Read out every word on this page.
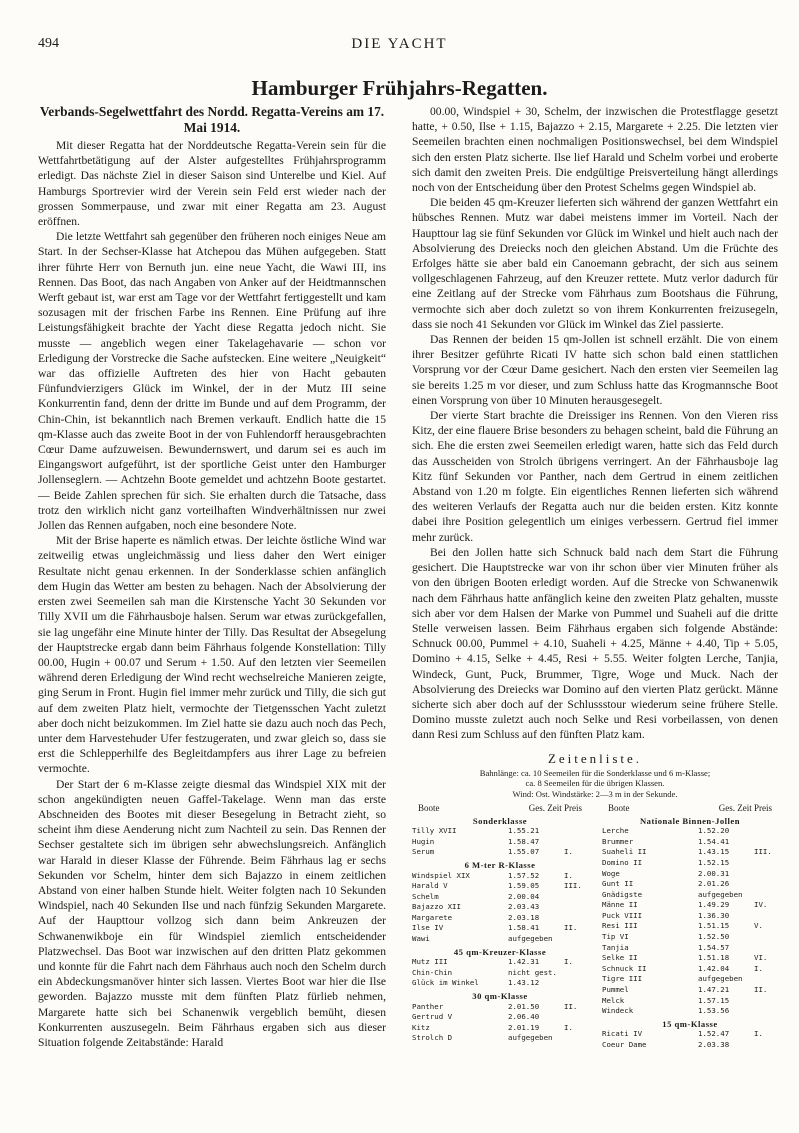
494	DIE YACHT
Hamburger Frühjahrs-Regatten.
Verbands-Segelwettfahrt des Nordd. Regatta-Vereins am 17. Mai 1914.

Mit dieser Regatta hat der Norddeutsche Regatta-Verein sein für die Wettfahrtbetätigung auf der Alster aufgestelltes Frühjahrsprogramm erledigt. Das nächste Ziel in dieser Saison sind Unterelbe und Kiel. Auf Hamburgs Sportrevier wird der Verein sein Feld erst wieder nach der grossen Sommerpause, und zwar mit einer Regatta am 23. August eröffnen.

Die letzte Wettfahrt sah gegenüber den früheren noch einiges Neue am Start. In der Sechser-Klasse hat Atchepou das Mühen aufgegeben. Statt ihrer führte Herr von Bernuth jun. eine neue Yacht, die Wawi III, ins Rennen. Das Boot, das nach Angaben von Anker auf der Heidtmannschen Werft gebaut ist, war erst am Tage vor der Wettfahrt fertiggestellt und kam sozusagen mit der frischen Farbe ins Rennen. Eine Prüfung auf ihre Leistungsfähigkeit brachte der Yacht diese Regatta jedoch nicht. Sie musste — angeblich wegen einer Takelagehavarie — schon vor Erledigung der Vorstrecke die Sache aufstecken. Eine weitere „Neuigkeit“ war das offizielle Auftreten des hier von Hacht gebauten Fünfundvierzigers Glück im Winkel, der in der Mutz III seine Konkurrentin fand, denn der dritte im Bunde und auf dem Programm, der Chin-Chin, ist bekanntlich nach Bremen verkauft. Endlich hatte die 15 qm-Klasse auch das zweite Boot in der von Fuhlendorff herausgebrachten Cœur Dame aufzuweisen. Bewundernswert, und darum sei es auch im Eingangswort aufgeführt, ist der sportliche Geist unter den Hamburger Jollenseglern. — Achtzehn Boote gemeldet und achtzehn Boote gestartet. — Beide Zahlen sprechen für sich. Sie erhalten durch die Tatsache, dass trotz den wirklich nicht ganz vorteilhaften Windverhältnissen nur zwei Jollen das Rennen aufgaben, noch eine besondere Note.

Mit der Brise haperte es nämlich etwas. Der leichte östliche Wind war zeitweilig etwas ungleichmässig und liess daher den Wert einiger Resultate nicht genau erkennen. In der Sonderklasse schien anfänglich dem Hugin das Wetter am besten zu behagen. Nach der Absolvierung der ersten zwei Seemeilen sah man die Kirstensche Yacht 30 Sekunden vor Tilly XVII um die Fährhausboje halsen. Serum war etwas zurückgefallen, sie lag ungefähr eine Minute hinter der Tilly. Das Resultat der Absegelung der Hauptstrecke ergab dann beim Fährhaus folgende Konstellation: Tilly 00.00, Hugin + 00.07 und Serum + 1.50. Auf den letzten vier Seemeilen während deren Erledigung der Wind recht wechselreiche Manieren zeigte, ging Serum in Front. Hugin fiel immer mehr zurück und Tilly, die sich gut auf dem zweiten Platz hielt, vermochte der Tietgensschen Yacht zuletzt aber doch nicht beizukommen. Im Ziel hatte sie dazu auch noch das Pech, unter dem Harvestehuder Ufer festzugeraten, und zwar gleich so, dass sie erst die Schlepperhilfe des Begleitdampfers aus ihrer Lage zu befreien vermochte.

Der Start der 6 m-Klasse zeigte diesmal das Windspiel XIX mit der schon angekündigten neuen Gaffel-Takelage. Wenn man das erste Abschneiden des Bootes mit dieser Besegelung in Betracht zieht, so scheint ihm diese Aenderung nicht zum Nachteil zu sein. Das Rennen der Sechser gestaltete sich im übrigen sehr abwechslungsreich. Anfänglich war Harald in dieser Klasse der Führende. Beim Fährhaus lag er sechs Sekunden vor Schelm, hinter dem sich Bajazzo in einem zeitlichen Abstand von einer halben Stunde hielt. Weiter folgten nach 10 Sekunden Windspiel, nach 40 Sekunden Ilse und nach fünfzig Sekunden Margarete. Auf der Haupttour vollzog sich dann beim Ankreuzen der Schwanenwikboje ein für Windspiel ziemlich entscheidender Platzwechsel. Das Boot war inzwischen auf den dritten Platz gekommen und konnte für die Fahrt nach dem Fährhaus auch noch den Schelm durch ein Abdeckungsmanöver hinter sich lassen. Viertes Boot war hier die Ilse geworden. Bajazzo musste mit dem fünften Platz fürlieb nehmen, Margarete hatte sich bei Schanenwik vergeblich bemüht, diesen Konkurrenten auszusegeln. Beim Fährhaus ergaben sich aus dieser Situation folgende Zeitabstände: Harald

00.00, Windspiel + 30, Schelm, der inzwischen die Protestflagge gesetzt hatte, + 0.50, Ilse + 1.15, Bajazzo + 2.15, Margarete + 2.25. Die letzten vier Seemeilen brachten einen nochmaligen Positionswechsel, bei dem Windspiel sich den ersten Platz sicherte. Ilse lief Harald und Schelm vorbei und eroberte sich damit den zweiten Preis. Die endgültige Preisverteilung hängt allerdings noch von der Entscheidung über den Protest Schelms gegen Windspiel ab.

Die beiden 45 qm-Kreuzer lieferten sich während der ganzen Wettfahrt ein hübsches Rennen. Mutz war dabei meistens immer im Vorteil. Nach der Haupttour lag sie fünf Sekunden vor Glück im Winkel und hielt auch nach der Absolvierung des Dreiecks noch den gleichen Abstand. Um die Früchte des Erfolges hätte sie aber bald ein Canoemann gebracht, der sich aus seinem vollgeschlagenen Fahrzeug, auf den Kreuzer rettete. Mutz verlor dadurch für eine Zeitlang auf der Strecke vom Fährhaus zum Bootshaus die Führung, vermochte sich aber doch zuletzt so von ihrem Konkurrenten freizusegeln, dass sie noch 41 Sekunden vor Glück im Winkel das Ziel passierte.

Das Rennen der beiden 15 qm-Jollen ist schnell erzählt. Die von einem ihrer Besitzer geführte Ricati IV hatte sich schon bald einen stattlichen Vorsprung vor der Cœur Dame gesichert. Nach den ersten vier Seemeilen lag sie bereits 1.25 m vor dieser, und zum Schluss hatte das Krogmannsche Boot einen Vorsprung von über 10 Minuten herausgesegelt.

Der vierte Start brachte die Dreissiger ins Rennen. Von den Vieren riss Kitz, der eine flauere Brise besonders zu behagen scheint, bald die Führung an sich. Ehe die ersten zwei Seemeilen erledigt waren, hatte sich das Feld durch das Ausscheiden von Strolch übrigens verringert. An der Fährhausboje lag Kitz fünf Sekunden vor Panther, nach dem Gertrud in einem zeitlichen Abstand von 1.20 m folgte. Ein eigentliches Rennen lieferten sich während des weiteren Verlaufs der Regatta auch nur die beiden ersten. Kitz konnte dabei ihre Position gelegentlich um einiges verbessern. Gertrud fiel immer mehr zurück.

Bei den Jollen hatte sich Schnuck bald nach dem Start die Führung gesichert. Die Hauptstrecke war von ihr schon über vier Minuten früher als von den übrigen Booten erledigt worden. Auf die Strecke von Schwanenwik nach dem Fährhaus hatte anfänglich keine den zweiten Platz gehalten, musste sich aber vor dem Halsen der Marke von Pummel und Suaheli auf die dritte Stelle verweisen lassen. Beim Fährhaus ergaben sich folgende Abstände: Schnuck 00.00, Pummel + 4.10, Suaheli + 4.25, Männe + 4.40, Tip + 5.05, Domino + 4.15, Selke + 4.45, Resi + 5.55. Weiter folgten Lerche, Tanjia, Windeck, Gunt, Puck, Brummer, Tigre, Woge und Muck. Nach der Absolvierung des Dreiecks war Domino auf den vierten Platz gerückt. Männe sicherte sich aber doch auf der Schlussstour wiederum seine frühere Stelle. Domino musste zuletzt auch noch Selke und Resi vorbeilassen, von denen dann Resi zum Schluss auf den fünften Platz kam.

Zeitenliste.
Bahnlänge: ca. 10 Seemeilen für die Sonderklasse und 6 m-Klasse;
ca. 8 Seemeilen für die übrigen Klassen.
Wind: Ost. Windstärke: 2—3 m in der Sekunde.
Boote	Ges. Zeit Preis
Sonderklasse
Tilly XVII	1.55.21
Hugin	1.58.47
Serum	1.55.07	I.
6 M-ter R-Klasse
Windspiel XIX	1.57.52	I.
Harald V	1.59.05	III.
Schelm	2.00.04
Bajazzo XII	2.03.43
Margarete	2.03.18
Ilse IV	1.58.41	II.
Wawi	aufgegeben
45 qm-Kreuzer-Klasse
Mutz III	1.42.31	I.
Chin-Chin	nicht gest.
Glück im Winkel	1.43.12
30 qm-Klasse
Panther	2.01.50	II.
Gertrud V	2.06.40
Kitz	2.01.19	I.
Strolch D	aufgegeben
Boote	Ges. Zeit Preis
Nationale Binnen-Jollen
Lerche	1.52.20
Brummer	1.54.41
Suaheli II	1.43.15	III.
Domino II	1.52.15
Woge	2.00.31
Gunt II	2.01.26
Gnädigste	aufgegeben
Männe II	1.49.29	IV.
Puck VIII	1.36.30
Resi III	1.51.15	V.
Tip VI	1.52.50
Tanjia	1.54.57
Selke II	1.51.18	VI.
Schnuck II	1.42.04	I.
Tigre III	aufgegeben
Pummel	1.47.21	II.
Melck	1.57.15
Windeck	1.53.56
15 qm-Klasse
Ricati IV	1.52.47	I.
Coeur Dame	2.03.38
